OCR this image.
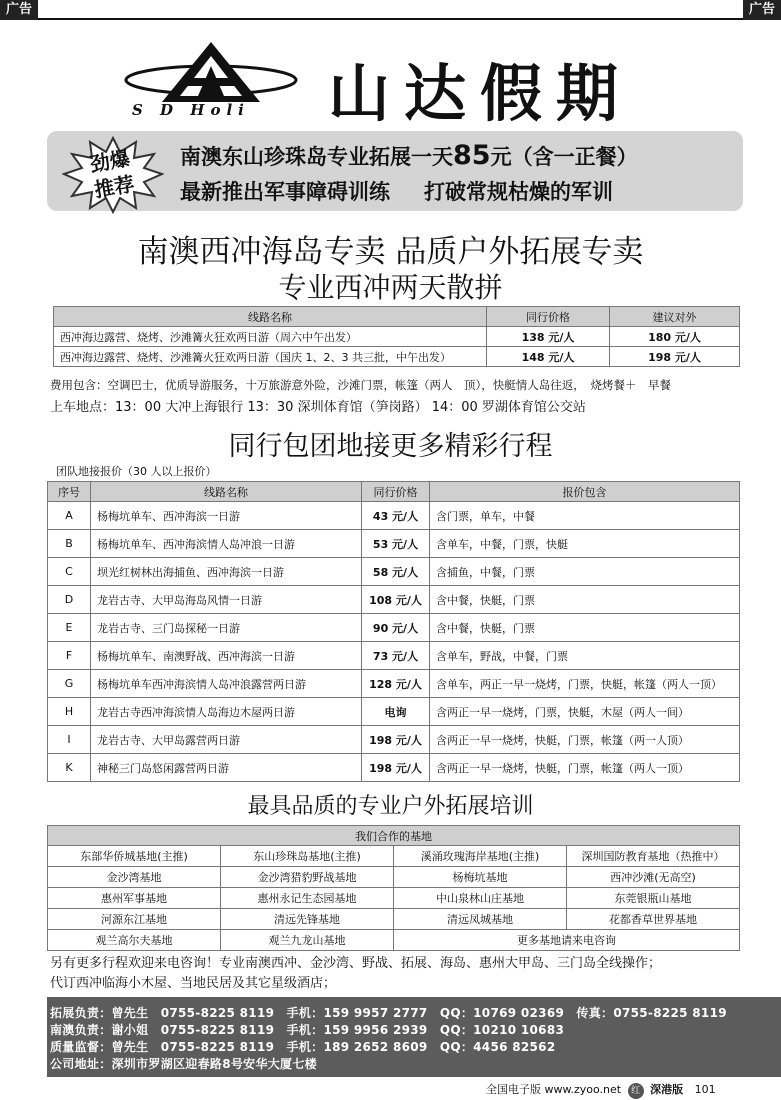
广告	广告
S D Holi 山达假期
劲爆
推荐
南澳东山珍珠岛专业拓展一天85元（含一正餐）
最新推出军事障碍训练 打破常规枯燥的军训
南澳西冲海岛专卖 品质户外拓展专卖
专业西冲两天散拼
线路名称	同行价格	建议对外
西冲海边露营、烧烤、沙滩篝火狂欢两日游（周六中午出发）	138 元/人	180 元/人
西冲海边露营、烧烤、沙滩篝火狂欢两日游（国庆 1、2、3 共三批，中午出发）	148 元/人	198 元/人
费用包含：空调巴士，优质导游服务，十万旅游意外险，沙滩门票，帐篷（两人　顶），快艇情人岛往返，　烧烤餐＋　早餐
上车地点：13：00 大冲上海银行 13：30 深圳体育馆（笋岗路） 14：00 罗湖体育馆公交站
同行包团地接更多精彩行程
团队地接报价（30 人以上报价）
序号	线路名称	同行价格	报价包含
A	杨梅坑单车、西冲海滨一日游	43 元/人	含门票，单车，中餐
B	杨梅坑单车、西冲海滨情人岛冲浪一日游	53 元/人	含单车，中餐，门票，快艇
C	坝光红树林出海捕鱼、西冲海滨一日游	58 元/人	含捕鱼，中餐，门票
D	龙岩古寺、大甲岛海岛风情一日游	108 元/人	含中餐，快艇，门票
E	龙岩古寺、三门岛探秘一日游	90 元/人	含中餐，快艇，门票
F	杨梅坑单车、南澳野战、西冲海滨一日游	73 元/人	含单车，野战，中餐，门票
G	杨梅坑单车西冲海滨情人岛冲浪露营两日游	128 元/人	含单车，两正一早一烧烤，门票，快艇，帐篷（两人一顶）
H	龙岩古寺西冲海滨情人岛海边木屋两日游	电询	含两正一早一烧烤，门票，快艇，木屋（两人一间）
I	龙岩古寺、大甲岛露营两日游	198 元/人	含两正一早一烧烤，快艇，门票，帐篷（两一人顶）
K	神秘三门岛悠闲露营两日游	198 元/人	含两正一早一烧烤，快艇，门票，帐篷（两人一顶）
最具品质的专业户外拓展培训
我们合作的基地			
东部华侨城基地(主推)	东山珍珠岛基地(主推)	溪涌玫瑰海岸基地(主推)	深圳国防教育基地（热推中）
金沙湾基地	金沙湾猎豹野战基地	杨梅坑基地	西冲沙滩(无高空)
惠州军事基地	惠州永记生态园基地	中山泉林山庄基地	东莞银瓶山基地
河源东江基地	清远先锋基地	清远凤城基地	花都香草世界基地
观兰高尔夫基地	观兰九龙山基地	更多基地请来电咨询	
另有更多行程欢迎来电咨询！专业南澳西冲、金沙湾、野战、拓展、海岛、惠州大甲岛、三门岛全线操作；
代订西冲临海小木屋、当地民居及其它星级酒店；
拓展负责：曾先生　0755-8225 8119　手机：159 9957 2777　QQ：10769 02369　传真：0755-8225 8119
南澳负责：谢小姐　0755-8225 8119　手机：159 9956 2939　QQ：10210 10683
质量监督：曾先生　0755-8225 8119　手机：189 2652 8609　QQ：4456 82562
公司地址：深圳市罗湖区迎春路8号安华大厦七楼
全国电子版 www.zyoo.net 红 深港版 101
